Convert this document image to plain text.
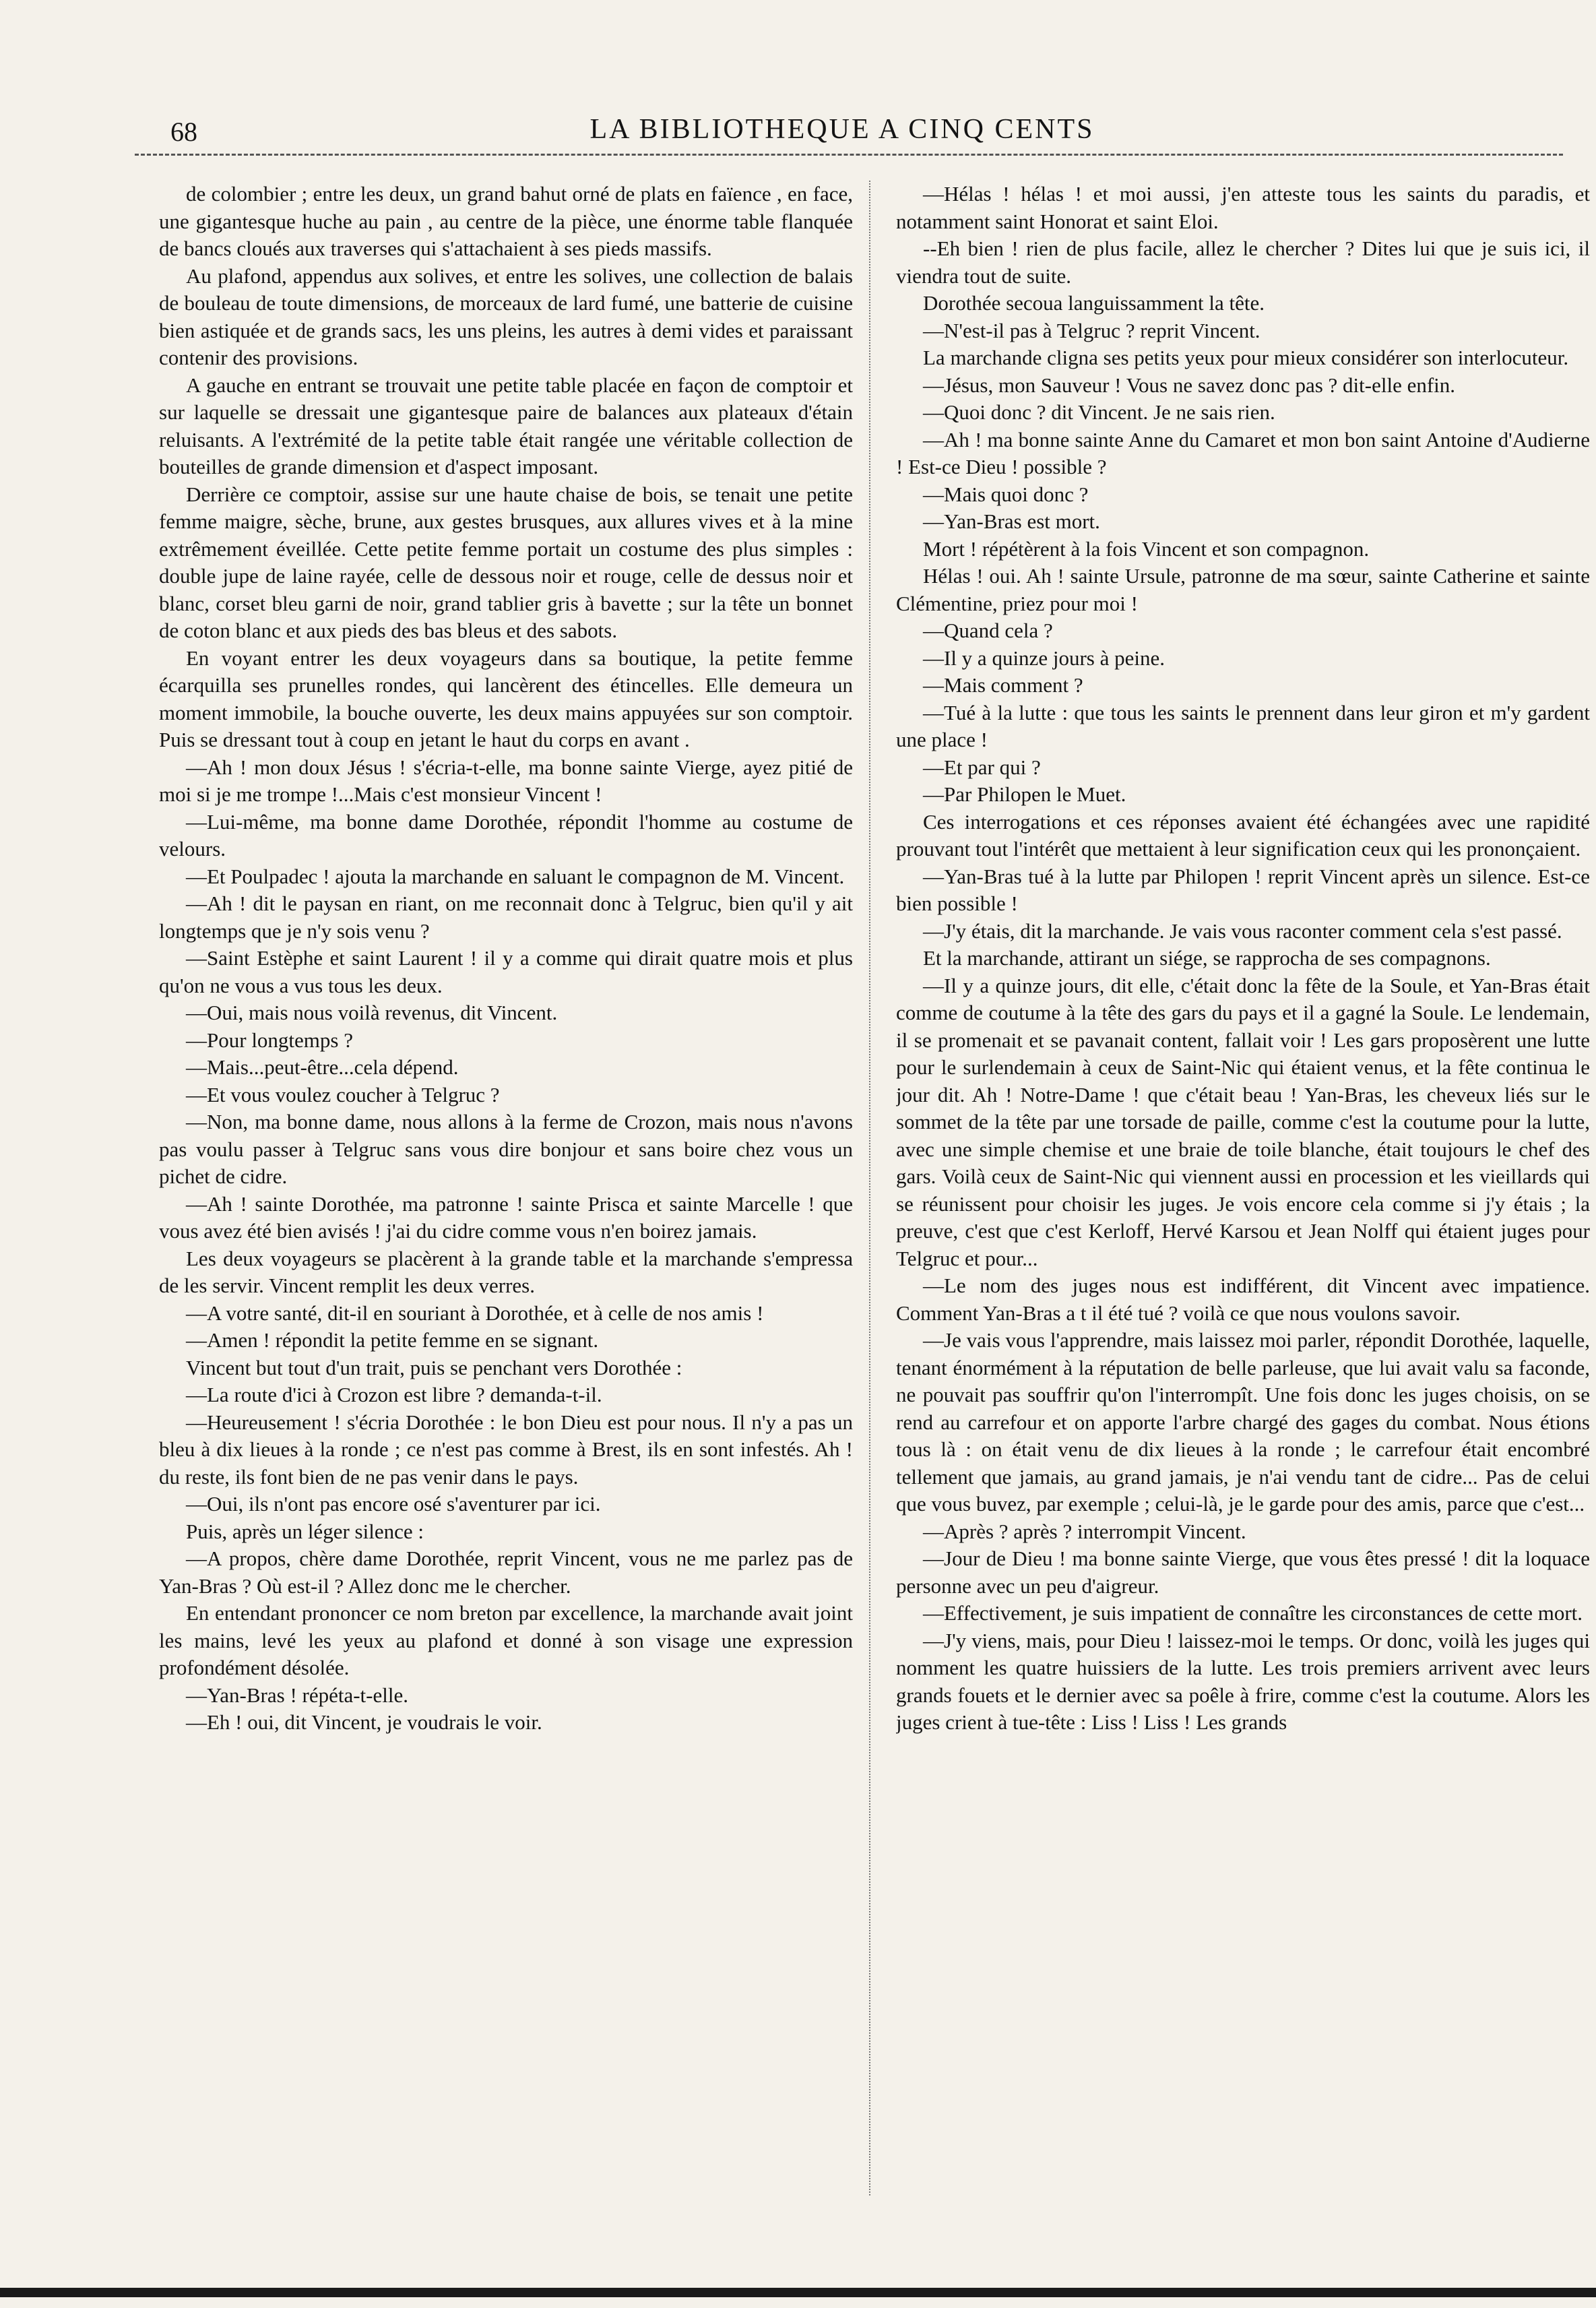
68	LA BIBLIOTHEQUE A CINQ CENTS

de colombier ; entre les deux, un grand bahut orné de plats en faïence , en face, une gigantesque huche au pain , au centre de la pièce, une énorme table flanquée de bancs cloués aux traverses qui s'attachaient à ses pieds massifs.

Au plafond, appendus aux solives, et entre les solives, une collection de balais de bouleau de toute dimensions, de morceaux de lard fumé, une batterie de cuisine bien astiquée et de grands sacs, les uns pleins, les autres à demi vides et paraissant contenir des provisions.

A gauche en entrant se trouvait une petite table placée en façon de comptoir et sur laquelle se dressait une gigantesque paire de balances aux plateaux d'étain reluisants. A l'extrémité de la petite table était rangée une véritable collection de bouteilles de grande dimension et d'aspect imposant.

Derrière ce comptoir, assise sur une haute chaise de bois, se tenait une petite femme maigre, sèche, brune, aux gestes brusques, aux allures vives et à la mine extrêmement éveillée. Cette petite femme portait un costume des plus simples : double jupe de laine rayée, celle de dessous noir et rouge, celle de dessus noir et blanc, corset bleu garni de noir, grand tablier gris à bavette ; sur la tête un bonnet de coton blanc et aux pieds des bas bleus et des sabots.

En voyant entrer les deux voyageurs dans sa boutique, la petite femme écarquilla ses prunelles rondes, qui lancèrent des étincelles. Elle demeura un moment immobile, la bouche ouverte, les deux mains appuyées sur son comptoir. Puis se dressant tout à coup en jetant le haut du corps en avant .

—Ah ! mon doux Jésus ! s'écria-t-elle, ma bonne sainte Vierge, ayez pitié de moi si je me trompe !...Mais c'est monsieur Vincent !

—Lui-même, ma bonne dame Dorothée, répondit l'homme au costume de velours.

—Et Poulpadec ! ajouta la marchande en saluant le compagnon de M. Vincent.

—Ah ! dit le paysan en riant, on me reconnait donc à Telgruc, bien qu'il y ait longtemps que je n'y sois venu ?

—Saint Estèphe et saint Laurent ! il y a comme qui dirait quatre mois et plus qu'on ne vous a vus tous les deux.

—Oui, mais nous voilà revenus, dit Vincent.

—Pour longtemps ?

—Mais...peut-être...cela dépend.

—Et vous voulez coucher à Telgruc ?

—Non, ma bonne dame, nous allons à la ferme de Crozon, mais nous n'avons pas voulu passer à Telgruc sans vous dire bonjour et sans boire chez vous un pichet de cidre.

—Ah ! sainte Dorothée, ma patronne ! sainte Prisca et sainte Marcelle ! que vous avez été bien avisés ! j'ai du cidre comme vous n'en boirez jamais.

Les deux voyageurs se placèrent à la grande table et la marchande s'empressa de les servir. Vincent remplit les deux verres.

—A votre santé, dit-il en souriant à Dorothée, et à celle de nos amis !

—Amen ! répondit la petite femme en se signant.

Vincent but tout d'un trait, puis se penchant vers Dorothée :

—La route d'ici à Crozon est libre ? demanda-t-il.

—Heureusement ! s'écria Dorothée : le bon Dieu est pour nous. Il n'y a pas un bleu à dix lieues à la ronde ; ce n'est pas comme à Brest, ils en sont infestés. Ah ! du reste, ils font bien de ne pas venir dans le pays.

—Oui, ils n'ont pas encore osé s'aventurer par ici.

Puis, après un léger silence :

—A propos, chère dame Dorothée, reprit Vincent, vous ne me parlez pas de Yan-Bras ? Où est-il ? Allez donc me le chercher.

En entendant prononcer ce nom breton par excellence, la marchande avait joint les mains, levé les yeux au plafond et donné à son visage une expression profondément désolée.

—Yan-Bras ! répéta-t-elle.

—Eh ! oui, dit Vincent, je voudrais le voir.

—Hélas ! hélas ! et moi aussi, j'en atteste tous les saints du paradis, et notamment saint Honorat et saint Eloi.

--Eh bien ! rien de plus facile, allez le chercher ? Dites lui que je suis ici, il viendra tout de suite.

Dorothée secoua languissamment la tête.

—N'est-il pas à Telgruc ? reprit Vincent.

La marchande cligna ses petits yeux pour mieux considérer son interlocuteur.

—Jésus, mon Sauveur ! Vous ne savez donc pas ? dit-elle enfin.

—Quoi donc ? dit Vincent. Je ne sais rien.

—Ah ! ma bonne sainte Anne du Camaret et mon bon saint Antoine d'Audierne ! Est-ce Dieu ! possible ?

—Mais quoi donc ?

—Yan-Bras est mort.

Mort ! répétèrent à la fois Vincent et son compagnon.

Hélas ! oui. Ah ! sainte Ursule, patronne de ma sœur, sainte Catherine et sainte Clémentine, priez pour moi !

—Quand cela ?

—Il y a quinze jours à peine.

—Mais comment ?

—Tué à la lutte : que tous les saints le prennent dans leur giron et m'y gardent une place !

—Et par qui ?

—Par Philopen le Muet.

Ces interrogations et ces réponses avaient été échangées avec une rapidité prouvant tout l'intérêt que mettaient à leur signification ceux qui les prononçaient.

—Yan-Bras tué à la lutte par Philopen ! reprit Vincent après un silence. Est-ce bien possible !

—J'y étais, dit la marchande. Je vais vous raconter comment cela s'est passé.

Et la marchande, attirant un siége, se rapprocha de ses compagnons.

—Il y a quinze jours, dit elle, c'était donc la fête de la Soule, et Yan-Bras était comme de coutume à la tête des gars du pays et il a gagné la Soule. Le lendemain, il se promenait et se pavanait content, fallait voir ! Les gars proposèrent une lutte pour le surlendemain à ceux de Saint-Nic qui étaient venus, et la fête continua le jour dit. Ah ! Notre-Dame ! que c'était beau ! Yan-Bras, les cheveux liés sur le sommet de la tête par une torsade de paille, comme c'est la coutume pour la lutte, avec une simple chemise et une braie de toile blanche, était toujours le chef des gars. Voilà ceux de Saint-Nic qui viennent aussi en procession et les vieillards qui se réunissent pour choisir les juges. Je vois encore cela comme si j'y étais ; la preuve, c'est que c'est Kerloff, Hervé Karsou et Jean Nolff qui étaient juges pour Telgruc et pour...

—Le nom des juges nous est indifférent, dit Vincent avec impatience. Comment Yan-Bras a t il été tué ? voilà ce que nous voulons savoir.

—Je vais vous l'apprendre, mais laissez moi parler, répondit Dorothée, laquelle, tenant énormément à la réputation de belle parleuse, que lui avait valu sa faconde, ne pouvait pas souffrir qu'on l'interrompît. Une fois donc les juges choisis, on se rend au carrefour et on apporte l'arbre chargé des gages du combat. Nous étions tous là : on était venu de dix lieues à la ronde ; le carrefour était encombré tellement que jamais, au grand jamais, je n'ai vendu tant de cidre... Pas de celui que vous buvez, par exemple ; celui-là, je le garde pour des amis, parce que c'est...

—Après ? après ? interrompit Vincent.

—Jour de Dieu ! ma bonne sainte Vierge, que vous êtes pressé ! dit la loquace personne avec un peu d'aigreur.

—Effectivement, je suis impatient de connaître les circonstances de cette mort.

—J'y viens, mais, pour Dieu ! laissez-moi le temps. Or donc, voilà les juges qui nomment les quatre huissiers de la lutte. Les trois premiers arrivent avec leurs grands fouets et le dernier avec sa poêle à frire, comme c'est la coutume. Alors les juges crient à tue-tête : Liss ! Liss ! Les grands
